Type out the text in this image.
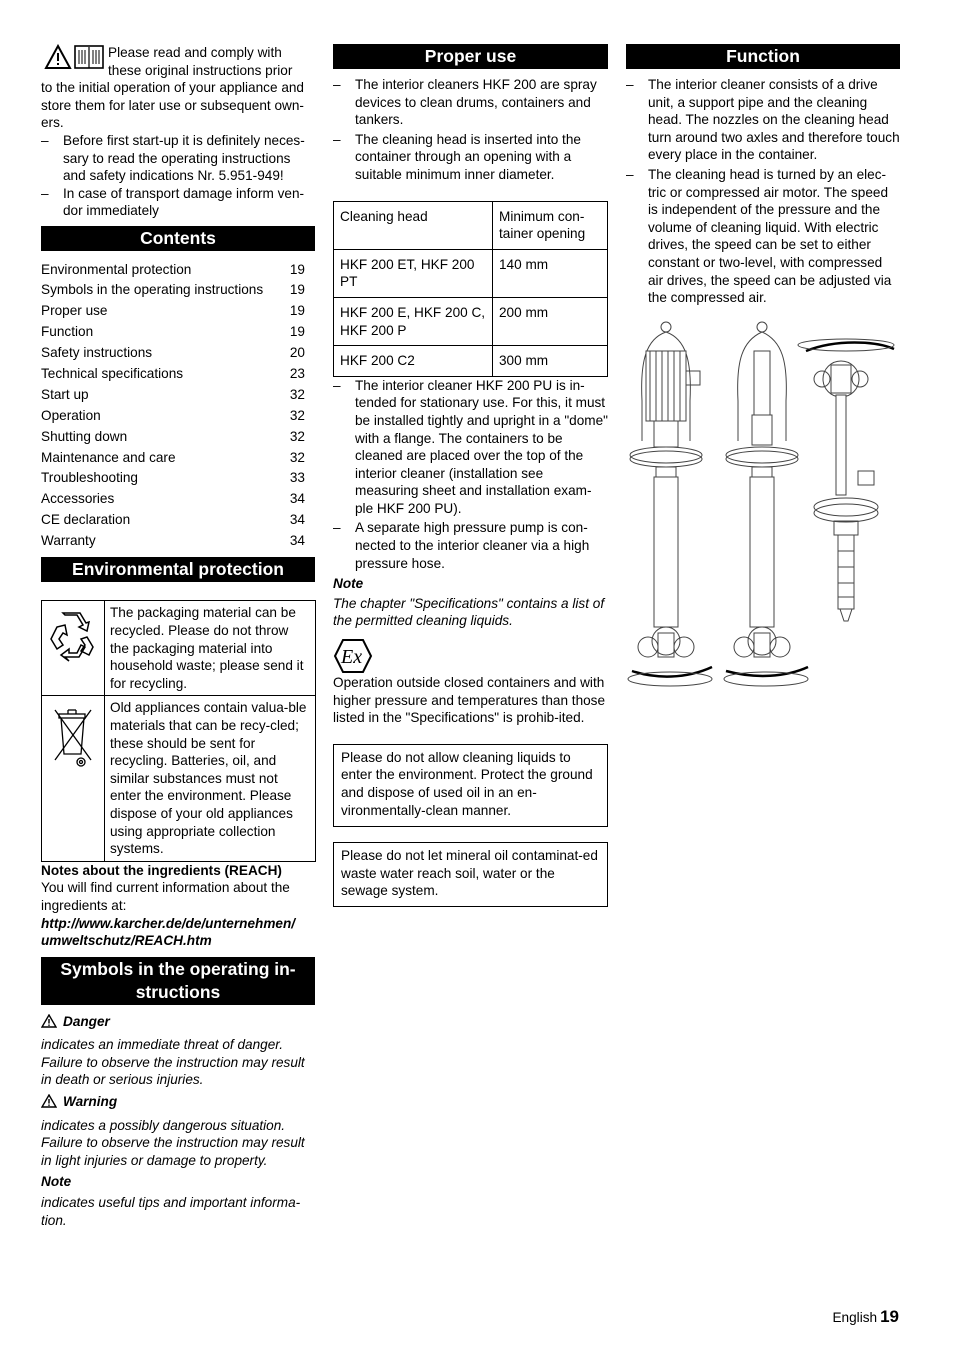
Please read and comply with

these original instructions prior

to the initial operation of your appliance and store them for later use or subsequent own-ers.

– Before first start-up it is definitely neces-sary to read the operating instructions and safety indications Nr. 5.951-949!

– In case of transport damage inform ven-dor immediately

Contents
Environmental protection	19
Symbols in the operating instructions	19
Proper use	19
Function	19
Safety instructions	20
Technical specifications	23
Start up	32
Operation	32
Shutting down	32
Maintenance and care	32
Troubleshooting	33
Accessories	34
CE declaration	34
Warranty	34
Environmental protection
	The packaging material can be recycled. Please do not throw the packaging material into household waste; please send it for recycling.
	Old appliances contain valua-ble materials that can be recy-cled; these should be sent for recycling. Batteries, oil, and similar substances must not enter the environment. Please dispose of your old appliances using appropriate collection systems.

Notes about the ingredients (REACH)

You will find current information about the ingredients at:

http://www.karcher.de/de/unternehmen/

umweltschutz/REACH.htm

Symbols in the operating in-
structions

Danger

indicates an immediate threat of danger. Failure to observe the instruction may result in death or serious injuries.

Warning

indicates a possibly dangerous situation. Failure to observe the instruction may result in light injuries or damage to property.

Note

indicates useful tips and important informa-tion.

Proper use

– The interior cleaners HKF 200 are spray devices to clean drums, containers and tankers.

– The cleaning head is inserted into the container through an opening with a suitable minimum inner diameter.

Cleaning head	Minimum con-tainer opening
HKF 200 ET, HKF 200 PT	140 mm
HKF 200 E, HKF 200 C, HKF 200 P	200 mm
HKF 200 C2	300 mm

– The interior cleaner HKF 200 PU is in-tended for stationary use. For this, it must be installed tightly and upright in a "dome" with a flange. The containers to be cleaned are placed over the top of the interior cleaner (installation see measuring sheet and installation exam-ple HKF 200 PU).

– A separate high pressure pump is con-nected to the interior cleaner via a high pressure hose.

Note

The chapter "Specifications" contains a list of the permitted cleaning liquids.

Ex

Operation outside closed containers and with higher pressure and temperatures than those listed in the "Specifications" is prohib-ited.

Please do not allow cleaning liquids to enter the environment. Protect the ground and dispose of used oil in an en-vironmentally-clean manner.

Please do not let mineral oil contaminat-ed waste water reach soil, water or the sewage system.

Function

– The interior cleaner consists of a drive unit, a support pipe and the cleaning head. The nozzles on the cleaning head turn around two axles and therefore touch every place in the container.

– The cleaning head is turned by an elec-tric or compressed air motor. The speed is independent of the pressure and the volume of cleaning liquid. With electric drives, the speed can be set to either constant or two-level, with compressed air drives, the speed can be adjusted via the compressed air.

English 19
